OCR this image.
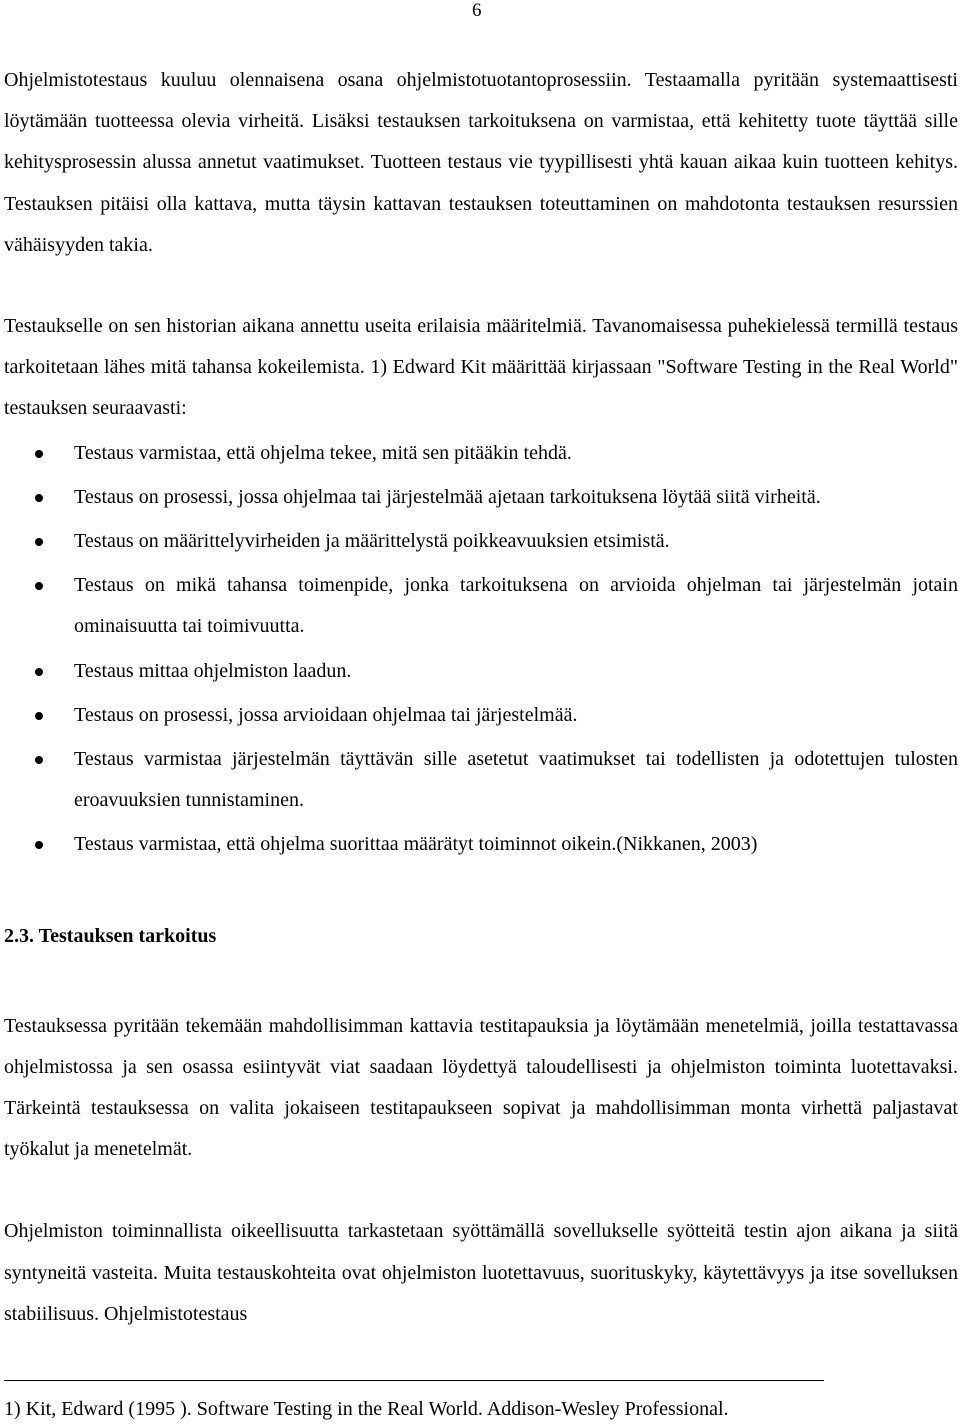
6

Ohjelmistotestaus kuuluu olennaisena osana ohjelmistotuotantoprosessiin. Testaamalla pyritään systemaattisesti löytämään tuotteessa olevia virheitä. Lisäksi testauksen tarkoituksena on varmistaa, että kehitetty tuote täyttää sille kehitysprosessin alussa annetut vaatimukset. Tuotteen testaus vie tyypillisesti yhtä kauan aikaa kuin tuotteen kehitys. Testauksen pitäisi olla kattava, mutta täysin kattavan testauksen toteuttaminen on mahdotonta testauksen resurssien vähäisyyden takia.

Testaukselle on sen historian aikana annettu useita erilaisia määritelmiä. Tavanomaisessa puhekielessä termillä testaus tarkoitetaan lähes mitä tahansa kokeilemista. 1) Edward Kit määrittää kirjassaan "Software Testing in the Real World" testauksen seuraavasti:

Testaus varmistaa, että ohjelma tekee, mitä sen pitääkin tehdä.
Testaus on prosessi, jossa ohjelmaa tai järjestelmää ajetaan tarkoituksena löytää siitä virheitä.
Testaus on määrittelyvirheiden ja määrittelystä poikkeavuuksien etsimistä.
Testaus on mikä tahansa toimenpide, jonka tarkoituksena on arvioida ohjelman tai järjestelmän jotain ominaisuutta tai toimivuutta.
Testaus mittaa ohjelmiston laadun.
Testaus on prosessi, jossa arvioidaan ohjelmaa tai järjestelmää.
Testaus varmistaa järjestelmän täyttävän sille asetetut vaatimukset tai todellisten ja odotettujen tulosten eroavuuksien tunnistaminen.
Testaus varmistaa, että ohjelma suorittaa määrätyt toiminnot oikein.(Nikkanen, 2003)
2.3. Testauksen tarkoitus

Testauksessa pyritään tekemään mahdollisimman kattavia testitapauksia ja löytämään menetelmiä, joilla testattavassa ohjelmistossa ja sen osassa esiintyvät viat saadaan löydettyä taloudellisesti ja ohjelmiston toiminta luotettavaksi. Tärkeintä testauksessa on valita jokaiseen testitapaukseen sopivat ja mahdollisimman monta virhettä paljastavat työkalut ja menetelmät.

Ohjelmiston toiminnallista oikeellisuutta tarkastetaan syöttämällä sovellukselle syötteitä testin ajon aikana ja siitä syntyneitä vasteita. Muita testauskohteita ovat ohjelmiston luotettavuus, suorituskyky, käytettävyys ja itse sovelluksen stabiilisuus. Ohjelmistotestaus

1) Kit, Edward (1995 ). Software Testing in the Real World. Addison-Wesley Professional.
